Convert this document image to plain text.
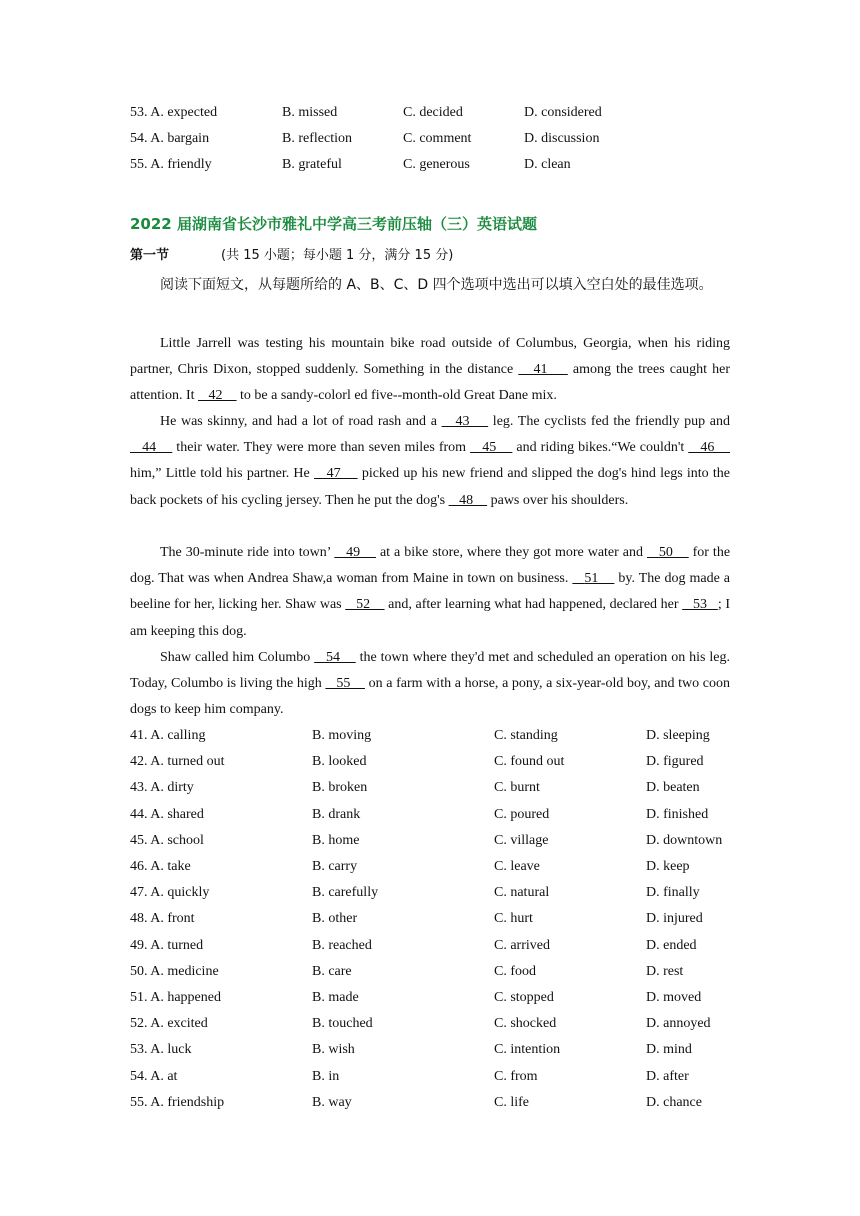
53. A. expected	B. missed	C. decided	D. considered
54. A. bargain	B. reflection	C. comment	D. discussion
55. A. friendly	B. grateful	C. generous	D. clean
2022 届湖南省长沙市雅礼中学高三考前压轴（三）英语试题
第一节	(共 15 小题；每小题 1 分，满分 15 分)
阅读下面短文，从每题所给的 A、B、C、D 四个选项中选出可以填入空白处的最佳选项。
Little Jarrell was testing his mountain bike road outside of Columbus, Georgia, when his riding partner, Chris Dixon, stopped suddenly. Something in the distance    41     among the trees caught her attention. It    42     to be a sandy-colorl ed five--month-old Great Dane mix.
He was skinny, and had a lot of road rash and a    43     leg. The cyclists fed the friendly pup and    44     their water. They were more than seven miles from    45     and riding bikes.“We couldn't    46     him,” Little told his partner. He    47     picked up his new friend and slipped the dog's hind legs into the back pockets of his cycling jersey. Then he put the dog's    48     paws over his shoulders.
The 30-minute ride into town’    49     at a bike store, where they got more water and    50     for the dog. That was when Andrea Shaw,a woman from Maine in town on business.    51     by. The dog made a beeline for her, licking her. Shaw was    52     and, after learning what had happened, declared her    53   ; I am keeping this dog.
Shaw called him Columbo    54     the town where they'd met and scheduled an operation on his leg. Today, Columbo is living the high    55     on a farm with a horse, a pony, a six-year-old boy, and two coon dogs to keep him company.
41. A. calling	B. moving	C. standing	D. sleeping
42. A. turned out	B. looked	C. found out	D. figured
43. A. dirty	B. broken	C. burnt	D. beaten
44. A. shared	B. drank	C. poured	D. finished
45. A. school	B. home	C. village	D. downtown
46. A. take	B. carry	C. leave	D. keep
47. A. quickly	B. carefully	C. natural	D. finally
48. A. front	B. other	C. hurt	D. injured
49. A. turned	B. reached	C. arrived	D. ended
50. A. medicine	B. care	C. food	D. rest
51. A. happened	B. made	C. stopped	D. moved
52. A. excited	B. touched	C. shocked	D. annoyed
53. A. luck	B. wish	C. intention	D. mind
54. A. at	B. in	C. from	D. after
55. A. friendship	B. way	C. life	D. chance
